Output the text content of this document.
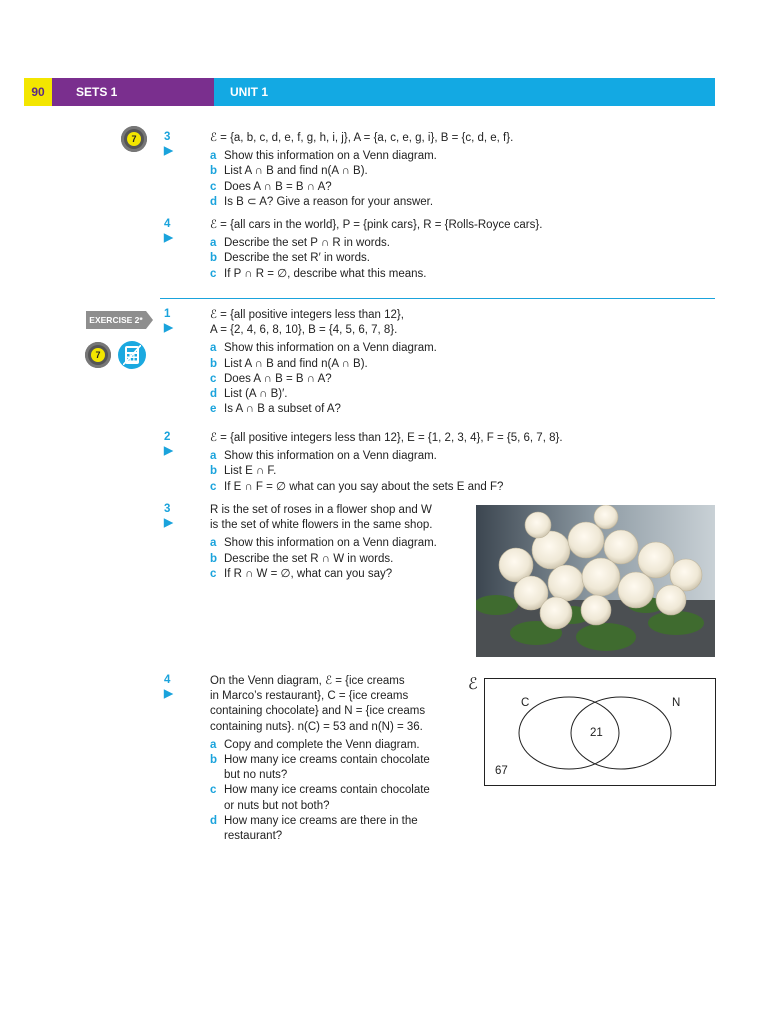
90	SETS 1	UNIT 1
7	3 ▶
ℰ = {a, b, c, d, e, f, g, h, i, j}, A = {a, c, e, g, i}, B = {c, d, e, f}.
a Show this information on a Venn diagram.
b List A ∩ B and find n(A ∩ B).
c Does A ∩ B = B ∩ A?
d Is B ⊂ A? Give a reason for your answer.
4 ▶
ℰ = {all cars in the world}, P = {pink cars}, R = {Rolls-Royce cars}.
a Describe the set P ∩ R in words.
b Describe the set R′ in words.
c If P ∩ R = ∅, describe what this means.
EXERCISE 2*
7
1 ▶
ℰ = {all positive integers less than 12},
A = {2, 4, 6, 8, 10}, B = {4, 5, 6, 7, 8}.
a Show this information on a Venn diagram.
b List A ∩ B and find n(A ∩ B).
c Does A ∩ B = B ∩ A?
d List (A ∩ B)′.
e Is A ∩ B a subset of A?
2 ▶
ℰ = {all positive integers less than 12}, E = {1, 2, 3, 4}, F = {5, 6, 7, 8}.
a Show this information on a Venn diagram.
b List E ∩ F.
c If E ∩ F = ∅ what can you say about the sets E and F?
3 ▶
R is the set of roses in a flower shop and W
is the set of white flowers in the same shop.
a Show this information on a Venn diagram.
b Describe the set R ∩ W in words.
c If R ∩ W = ∅, what can you say?
4 ▶
On the Venn diagram, ℰ = {ice creams
in Marco’s restaurant}, C = {ice creams
containing chocolate} and N = {ice creams
containing nuts}. n(C) = 53 and n(N) = 36.
a Copy and complete the Venn diagram.
b How many ice creams contain chocolate
but no nuts?
c How many ice creams contain chocolate
or nuts but not both?
d How many ice creams are there in the
restaurant?
ℰ
C	N
21
67
